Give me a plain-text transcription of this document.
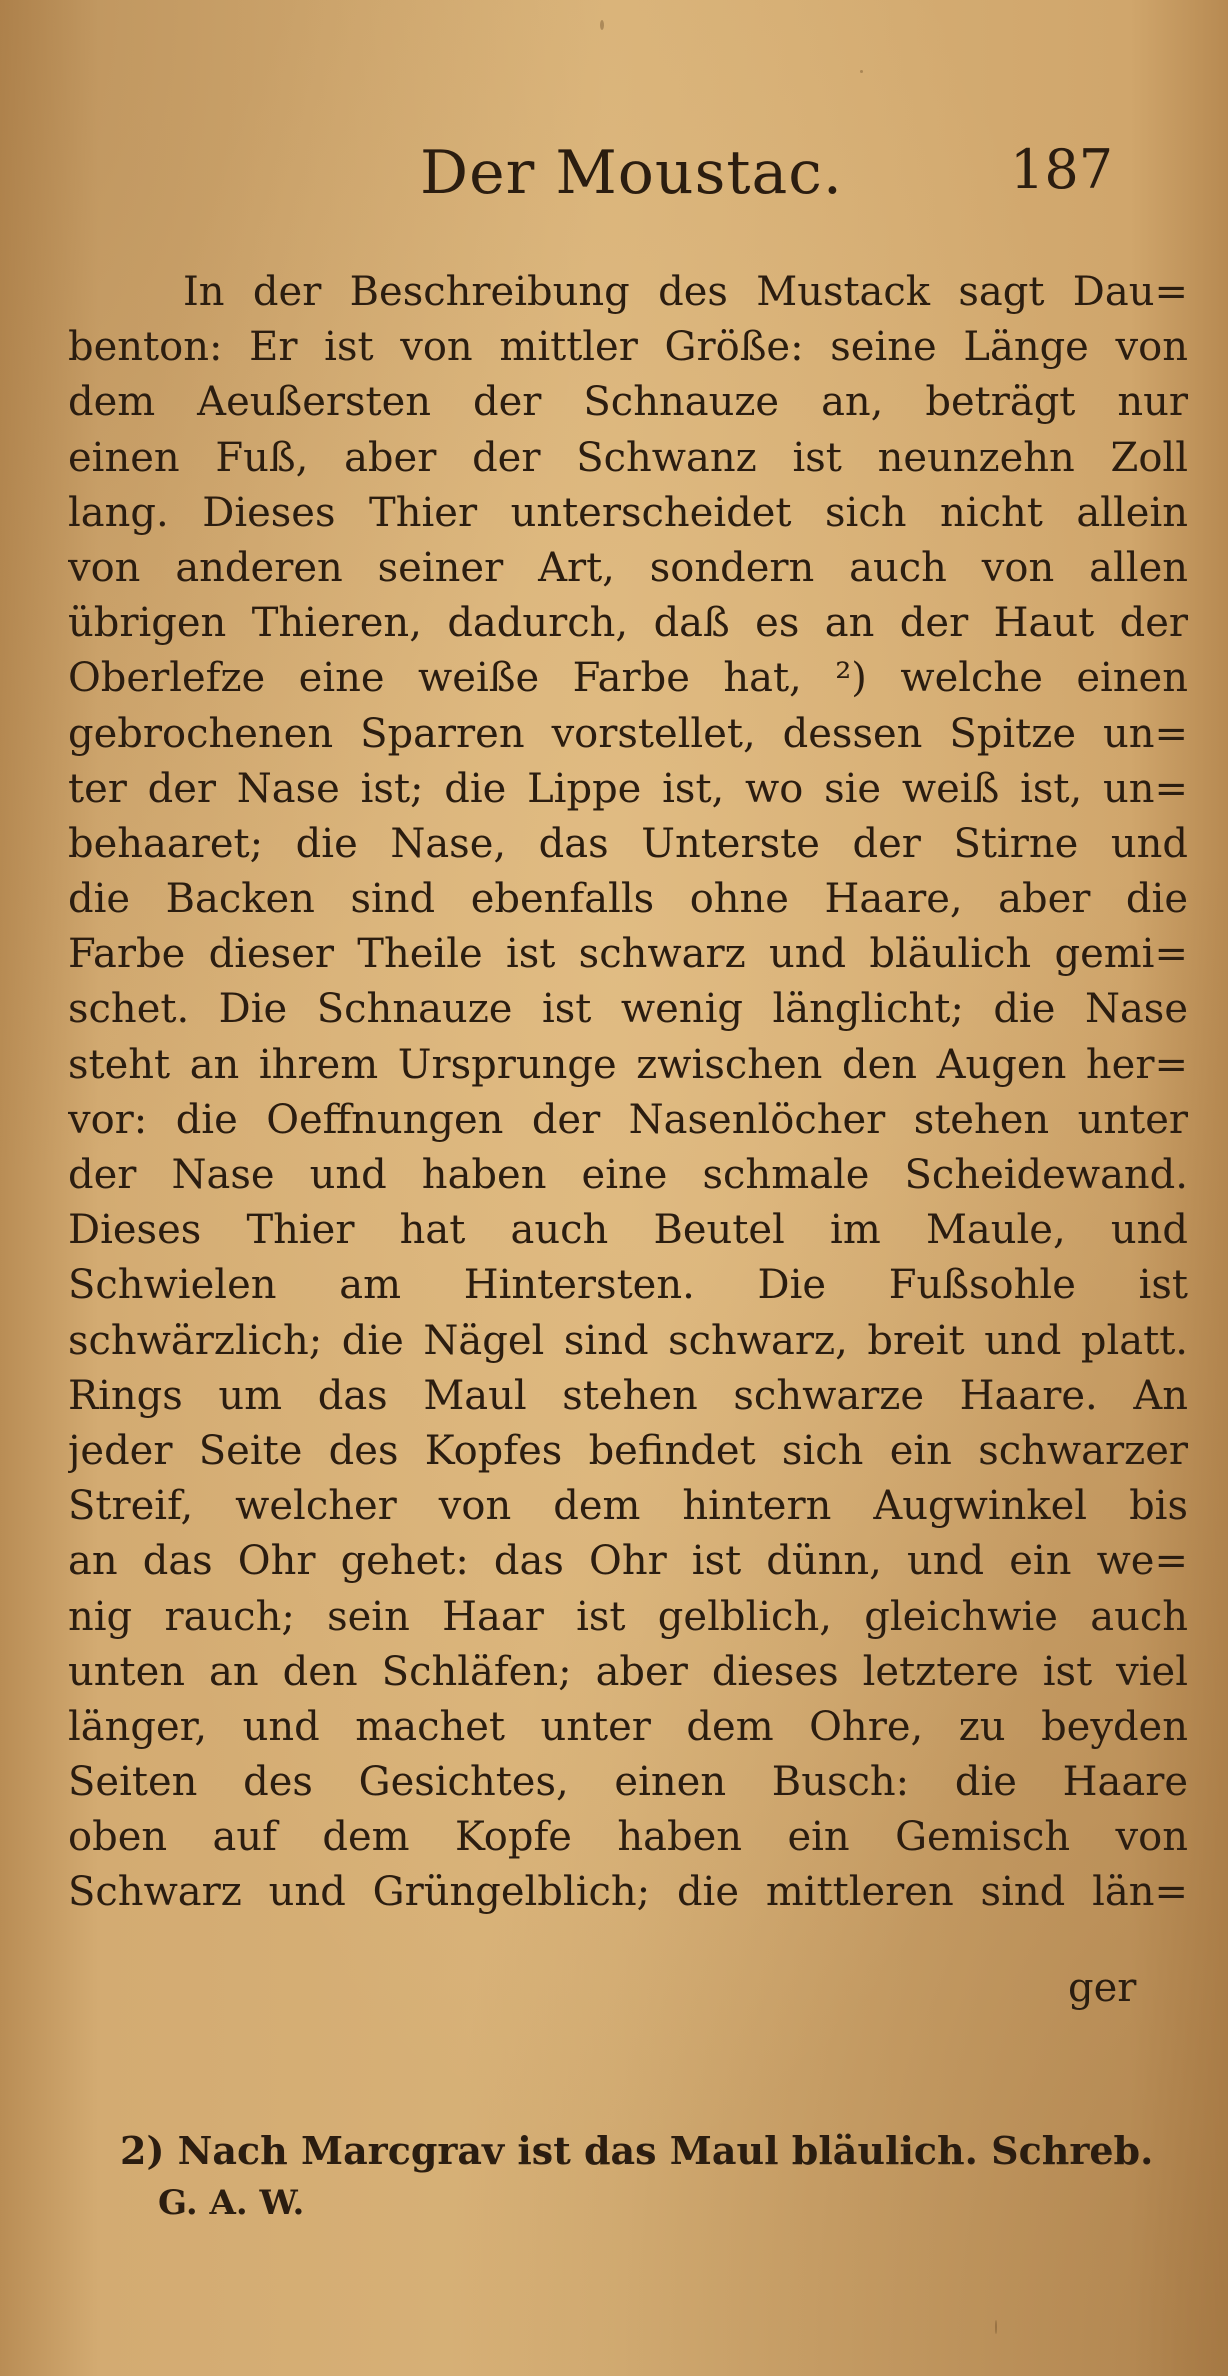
Der Moustac.	187
In der Beschreibung des Mustack sagt Dau=
benton: Er ist von mittler Größe: seine Länge von
dem Aeußersten der Schnauze an, beträgt nur
einen Fuß, aber der Schwanz ist neunzehn Zoll
lang. Dieses Thier unterscheidet sich nicht allein
von anderen seiner Art, sondern auch von allen
übrigen Thieren, dadurch, daß es an der Haut der
Oberlefze eine weiße Farbe hat, ²) welche einen
gebrochenen Sparren vorstellet, dessen Spitze un=
ter der Nase ist; die Lippe ist, wo sie weiß ist, un=
behaaret; die Nase, das Unterste der Stirne und
die Backen sind ebenfalls ohne Haare, aber die
Farbe dieser Theile ist schwarz und bläulich gemi=
schet. Die Schnauze ist wenig länglicht; die Nase
steht an ihrem Ursprunge zwischen den Augen her=
vor: die Oeffnungen der Nasenlöcher stehen unter
der Nase und haben eine schmale Scheidewand.
Dieses Thier hat auch Beutel im Maule, und
Schwielen am Hintersten. Die Fußsohle ist
schwärzlich; die Nägel sind schwarz, breit und platt.
Rings um das Maul stehen schwarze Haare. An
jeder Seite des Kopfes befindet sich ein schwarzer
Streif, welcher von dem hintern Augwinkel bis
an das Ohr gehet: das Ohr ist dünn, und ein we=
nig rauch; sein Haar ist gelblich, gleichwie auch
unten an den Schläfen; aber dieses letztere ist viel
länger, und machet unter dem Ohre, zu beyden
Seiten des Gesichtes, einen Busch: die Haare
oben auf dem Kopfe haben ein Gemisch von
Schwarz und Grüngelblich; die mittleren sind län=
ger
2) Nach Marcgrav ist das Maul bläulich. Schreb.
G. A. W.
